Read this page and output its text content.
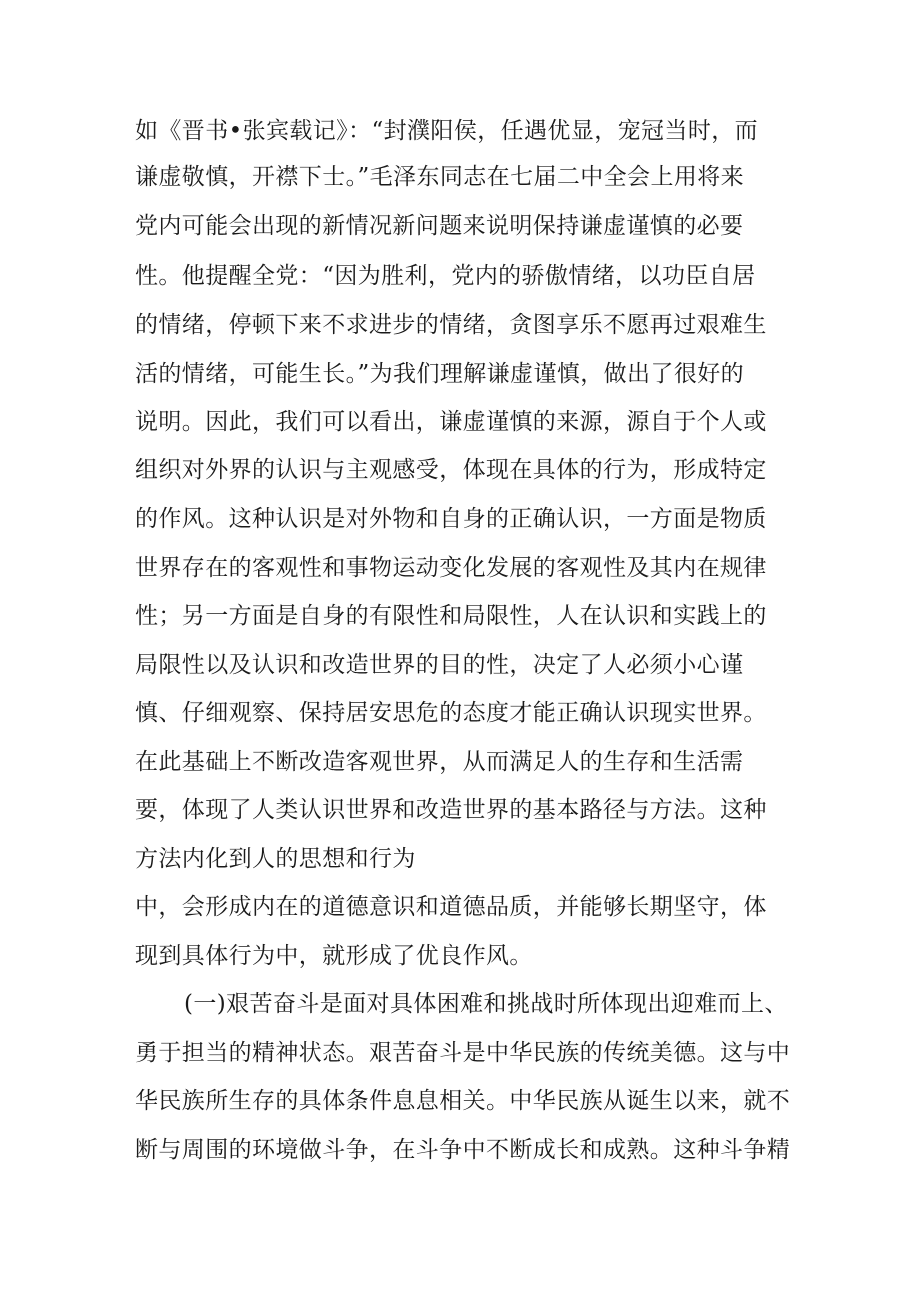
如《晋书•张宾载记》：“封濮阳侯，任遇优显，宠冠当时，而
谦虚敬慎，开襟下士。”毛泽东同志在七届二中全会上用将来
党内可能会出现的新情况新问题来说明保持谦虚谨慎的必要
性。他提醒全党：“因为胜利，党内的骄傲情绪，以功臣自居
的情绪，停顿下来不求进步的情绪，贪图享乐不愿再过艰难生
活的情绪，可能生长。”为我们理解谦虚谨慎，做出了很好的
说明。因此，我们可以看出，谦虚谨慎的来源，源自于个人或
组织对外界的认识与主观感受，体现在具体的行为，形成特定
的作风。这种认识是对外物和自身的正确认识，一方面是物质
世界存在的客观性和事物运动变化发展的客观性及其内在规律
性；另一方面是自身的有限性和局限性，人在认识和实践上的
局限性以及认识和改造世界的目的性，决定了人必须小心谨
慎、仔细观察、保持居安思危的态度才能正确认识现实世界。
在此基础上不断改造客观世界，从而满足人的生存和生活需
要，体现了人类认识世界和改造世界的基本路径与方法。这种
方法内化到人的思想和行为
中，会形成内在的道德意识和道德品质，并能够长期坚守，体
现到具体行为中，就形成了优良作风。
(一)艰苦奋斗是面对具体困难和挑战时所体现出迎难而上、
勇于担当的精神状态。艰苦奋斗是中华民族的传统美德。这与中
华民族所生存的具体条件息息相关。中华民族从诞生以来，就不
断与周围的环境做斗争，在斗争中不断成长和成熟。这种斗争精
